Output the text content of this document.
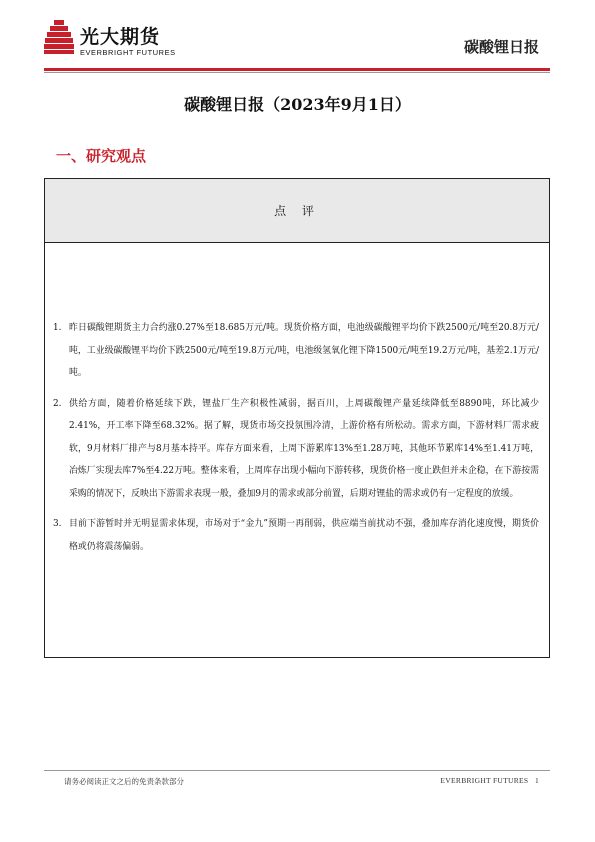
光大期货
EVERBRIGHT FUTURES	碳酸锂日报
碳酸锂日报（2023年9月1日）
一、研究观点
点 评
1. 昨日碳酸锂期货主力合约涨0.27%至18.685万元/吨。现货价格方面，电池级碳酸锂平均价下跌2500元/吨至20.8万元/吨，工业级碳酸锂平均价下跌2500元/吨至19.8万元/吨，电池级氢氧化锂下降1500元/吨至19.2万元/吨，基差2.1万元/吨。
2. 供给方面，随着价格延续下跌，锂盐厂生产积极性减弱，据百川，上周碳酸锂产量延续降低至8890吨，环比减少2.41%，开工率下降至68.32%。据了解，现货市场交投氛围冷清，上游价格有所松动。需求方面，下游材料厂需求疲软，9月材料厂排产与8月基本持平。库存方面来看，上周下游累库13%至1.28万吨，其他环节累库14%至1.41万吨，冶炼厂实现去库7%至4.22万吨。整体来看，上周库存出现小幅向下游转移，现货价格一度止跌但并未企稳，在下游按需采购的情况下，反映出下游需求表现一般，叠加9月的需求或部分前置，后期对锂盐的需求或仍有一定程度的放缓。
3. 目前下游暂时并无明显需求体现，市场对于“金九”预期一再削弱，供应端当前扰动不强，叠加库存消化速度慢，期货价格或仍将震荡偏弱。
请务必阅读正文之后的免责条款部分	EVERBRIGHT FUTURES 1
